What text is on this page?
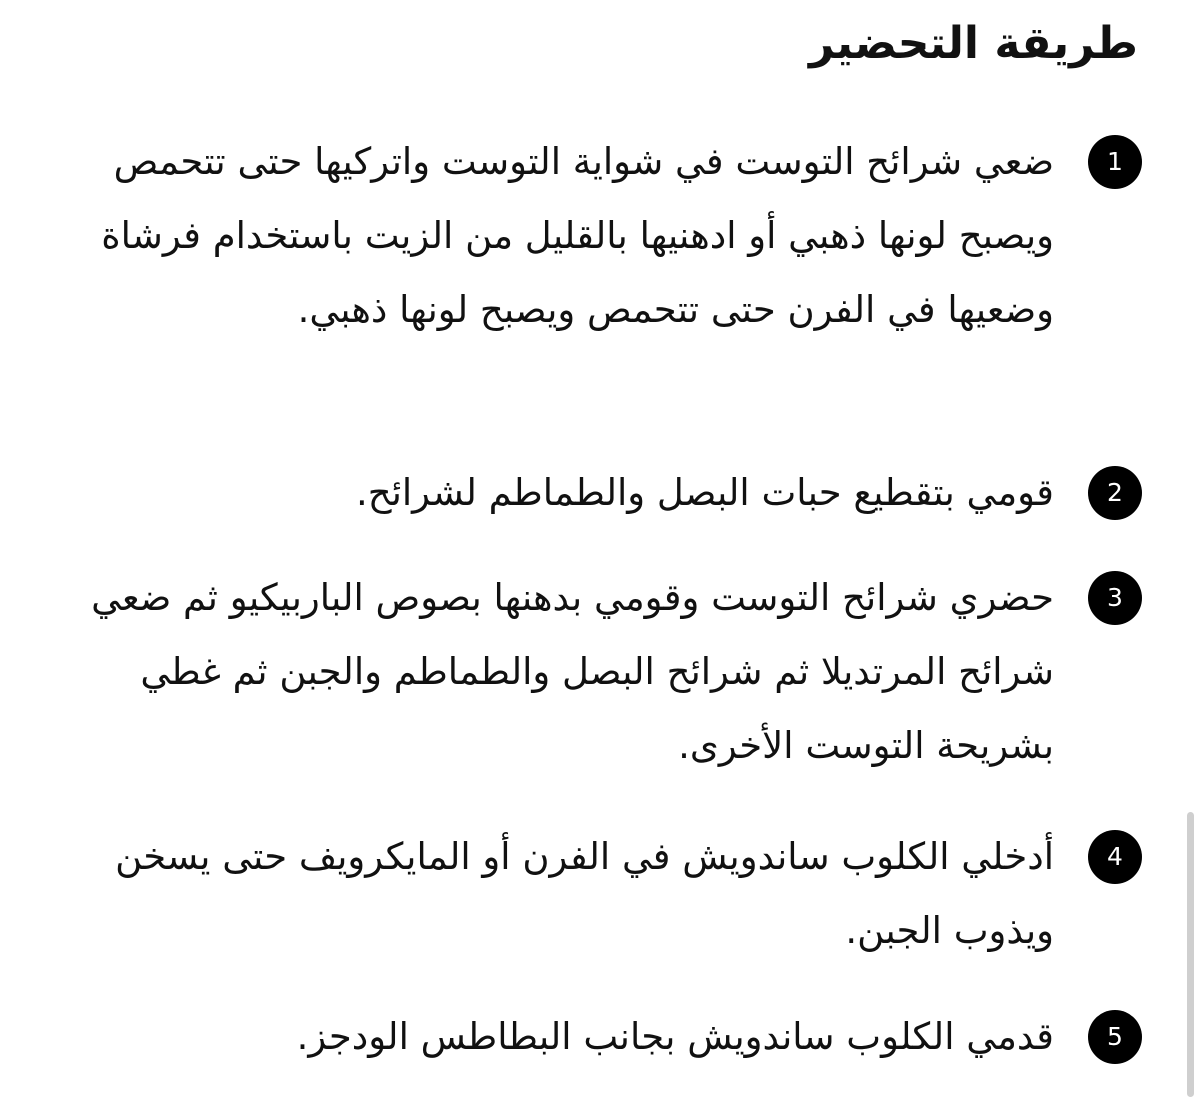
طريقة التحضير
1

ضعي شرائح التوست في شواية التوست واتركيها حتى تتحمص ويصبح لونها ذهبي أو ادهنيها بالقليل من الزيت باستخدام فرشاة وضعيها في الفرن حتى تتحمص ويصبح لونها ذهبي.

2

قومي بتقطيع حبات البصل والطماطم لشرائح.

3

حضري شرائح التوست وقومي بدهنها بصوص الباربيكيو ثم ضعي شرائح المرتديلا ثم شرائح البصل والطماطم والجبن ثم غطي بشريحة التوست الأخرى.

4

أدخلي الكلوب ساندويش في الفرن أو المايكرويف حتى يسخن ويذوب الجبن.

5

قدمي الكلوب ساندويش بجانب البطاطس الودجز.
